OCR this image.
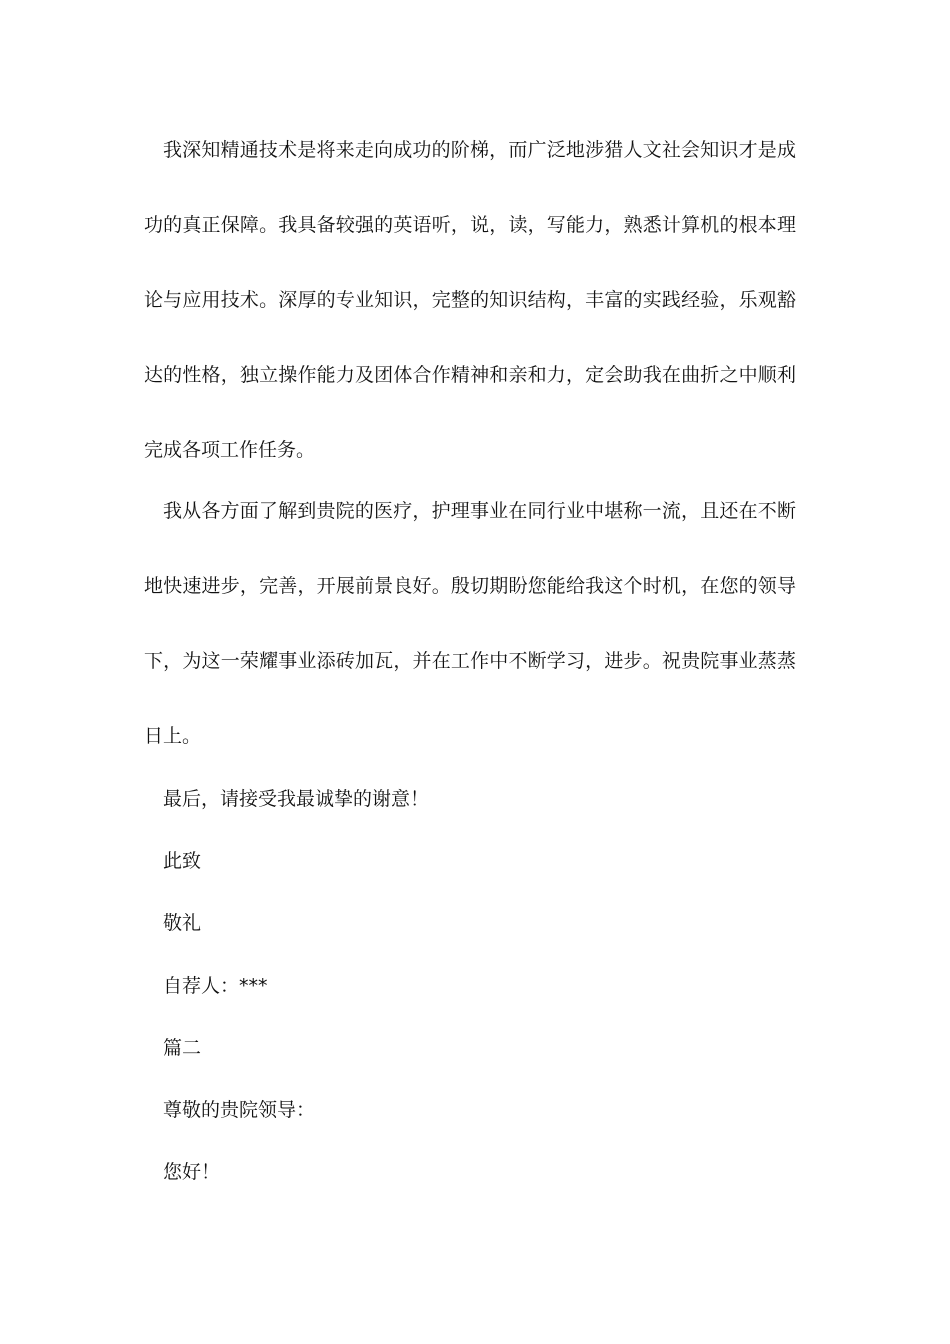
我深知精通技术是将来走向成功的阶梯，而广泛地涉猎人文社会知识才是成功的真正保障。我具备较强的英语听，说，读，写能力，熟悉计算机的根本理论与应用技术。深厚的专业知识，完整的知识结构，丰富的实践经验，乐观豁达的性格，独立操作能力及团体合作精神和亲和力，定会助我在曲折之中顺利完成各项工作任务。

我从各方面了解到贵院的医疗，护理事业在同行业中堪称一流，且还在不断地快速进步，完善，开展前景良好。殷切期盼您能给我这个时机，在您的领导下，为这一荣耀事业添砖加瓦，并在工作中不断学习，进步。祝贵院事业蒸蒸日上。

最后，请接受我最诚挚的谢意！

此致

敬礼

自荐人：***

篇二

尊敬的贵院领导：

您好！
